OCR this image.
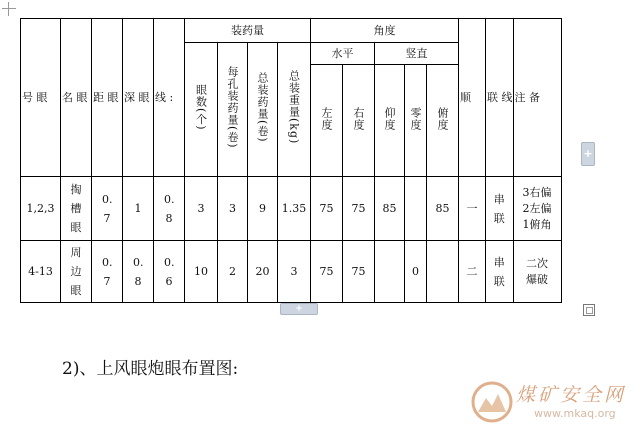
号 眼	名 眼	距 眼	深 眼	线 :	装药量				角度					顺	联 线	注 备
					眼数(个)	每孔装药量(卷)	总装药量(卷)	总装重量(kg)	水平		竖直					
									左度	右度	仰度	零度	俯度			
1,2,3	掏槽眼	0.7	1	0.8	3	3	9	1.35	75	75	85		85	一	串联	3右偏
2左偏
1俯角
4-13	周边眼	0.7	0.8	0.6	10	2	20	3	75	75		0		二	串联	二次
爆破
+
+
2)、上风眼炮眼布置图:
煤矿安全网
www.mkaq.org
